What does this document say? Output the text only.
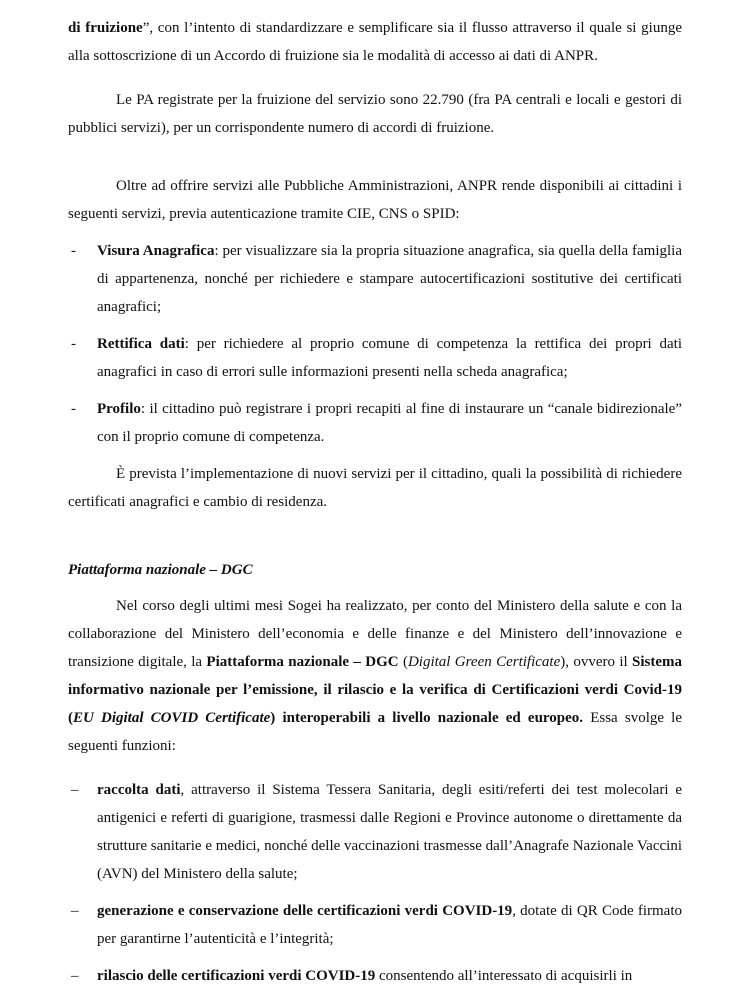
di fruizione”, con l’intento di standardizzare e semplificare sia il flusso attraverso il quale si giunge alla sottoscrizione di un Accordo di fruizione sia le modalità di accesso ai dati di ANPR.

Le PA registrate per la fruizione del servizio sono 22.790 (fra PA centrali e locali e gestori di pubblici servizi), per un corrispondente numero di accordi di fruizione.

Oltre ad offrire servizi alle Pubbliche Amministrazioni, ANPR rende disponibili ai cittadini i seguenti servizi, previa autenticazione tramite CIE, CNS o SPID:

- Visura Anagrafica: per visualizzare sia la propria situazione anagrafica, sia quella della famiglia di appartenenza, nonché per richiedere e stampare autocertificazioni sostitutive dei certificati anagrafici;

- Rettifica dati: per richiedere al proprio comune di competenza la rettifica dei propri dati anagrafici in caso di errori sulle informazioni presenti nella scheda anagrafica;

- Profilo: il cittadino può registrare i propri recapiti al fine di instaurare un “canale bidirezionale” con il proprio comune di competenza.

È prevista l’implementazione di nuovi servizi per il cittadino, quali la possibilità di richiedere certificati anagrafici e cambio di residenza.

Piattaforma nazionale – DGC

Nel corso degli ultimi mesi Sogei ha realizzato, per conto del Ministero della salute e con la collaborazione del Ministero dell’economia e delle finanze e del Ministero dell’innovazione e transizione digitale, la Piattaforma nazionale – DGC (Digital Green Certificate), ovvero il Sistema informativo nazionale per l’emissione, il rilascio e la verifica di Certificazioni verdi Covid-19 (EU Digital COVID Certificate) interoperabili a livello nazionale ed europeo. Essa svolge le seguenti funzioni:

– raccolta dati, attraverso il Sistema Tessera Sanitaria, degli esiti/referti dei test molecolari e antigenici e referti di guarigione, trasmessi dalle Regioni e Province autonome o direttamente da strutture sanitarie e medici, nonché delle vaccinazioni trasmesse dall’Anagrafe Nazionale Vaccini (AVN) del Ministero della salute;

– generazione e conservazione delle certificazioni verdi COVID-19, dotate di QR Code firmato per garantirne l’autenticità e l’integrità;

– rilascio delle certificazioni verdi COVID-19 consentendo all’interessato di acquisirli in
